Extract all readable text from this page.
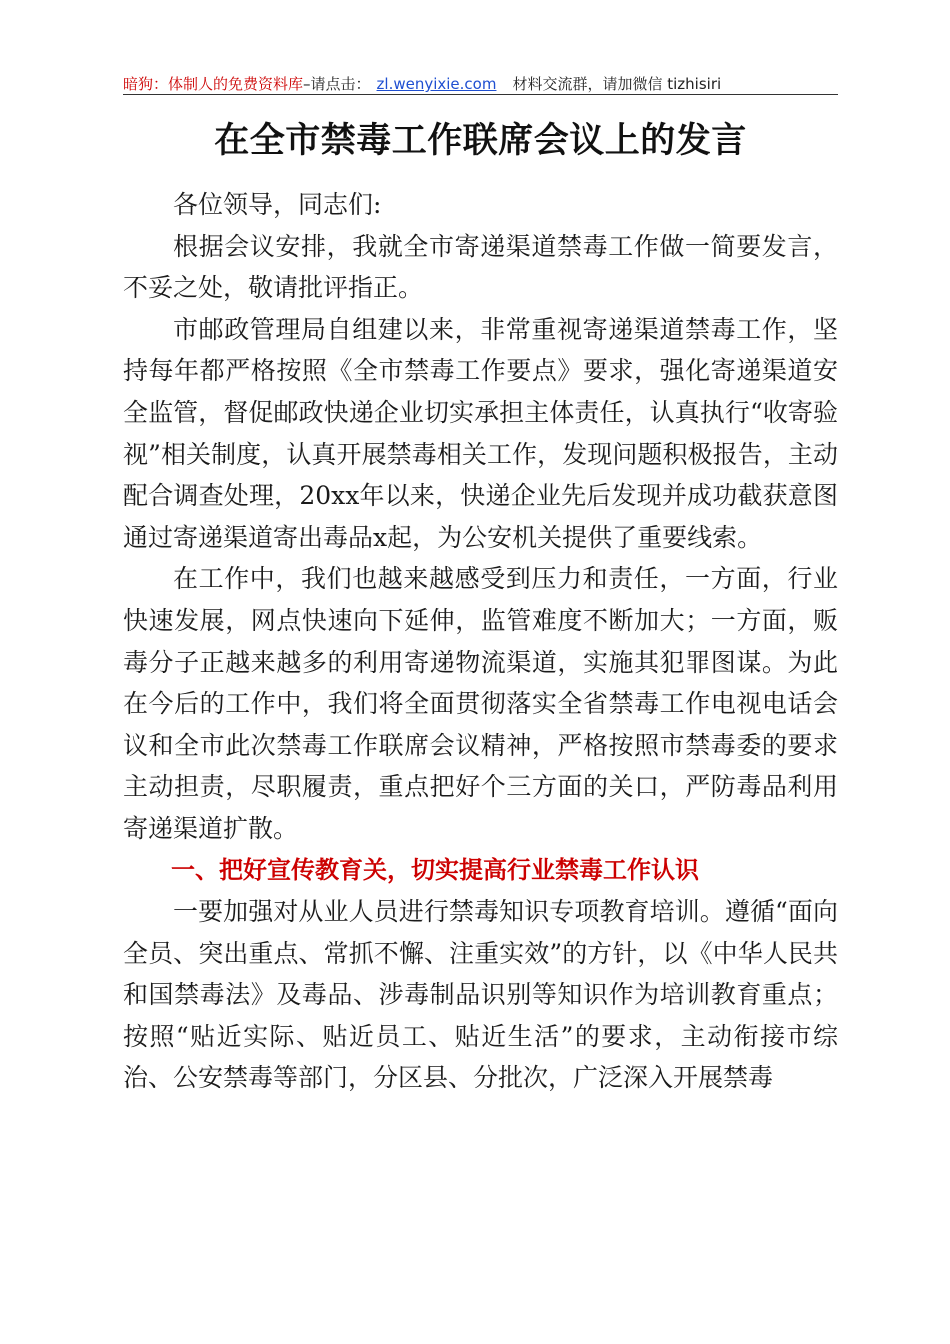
暗狗：体制人的免费资料库 –请点击： zl.wenyixie.com 材料交流群，请加微信 tizhisiri
在全市禁毒工作联席会议上的发言

各位领导，同志们:

根据会议安排，我就全市寄递渠道禁毒工作做一简要发言，不妥之处，敬请批评指正。

市邮政管理局自组建以来，非常重视寄递渠道禁毒工作，坚持每年都严格按照《全市禁毒工作要点》要求，强化寄递渠道安全监管，督促邮政快递企业切实承担主体责任，认真执行“收寄验视”相关制度，认真开展禁毒相关工作，发现问题积极报告，主动配合调查处理，20xx年以来，快递企业先后发现并成功截获意图通过寄递渠道寄出毒品x起，为公安机关提供了重要线索。

在工作中，我们也越来越感受到压力和责任，一方面，行业快速发展，网点快速向下延伸，监管难度不断加大；一方面，贩毒分子正越来越多的利用寄递物流渠道，实施其犯罪图谋。为此在今后的工作中，我们将全面贯彻落实全省禁毒工作电视电话会议和全市此次禁毒工作联席会议精神，严格按照市禁毒委的要求主动担责，尽职履责，重点把好个三方面的关口，严防毒品利用寄递渠道扩散。

一、把好宣传教育关，切实提高行业禁毒工作认识

一要加强对从业人员进行禁毒知识专项教育培训。遵循“面向全员、突出重点、常抓不懈、注重实效”的方针，以《中华人民共和国禁毒法》及毒品、涉毒制品识别等知识作为培训教育重点；按照“贴近实际、贴近员工、贴近生活”的要求，主动衔接市综治、公安禁毒等部门，分区县、分批次，广泛深入开展禁毒
